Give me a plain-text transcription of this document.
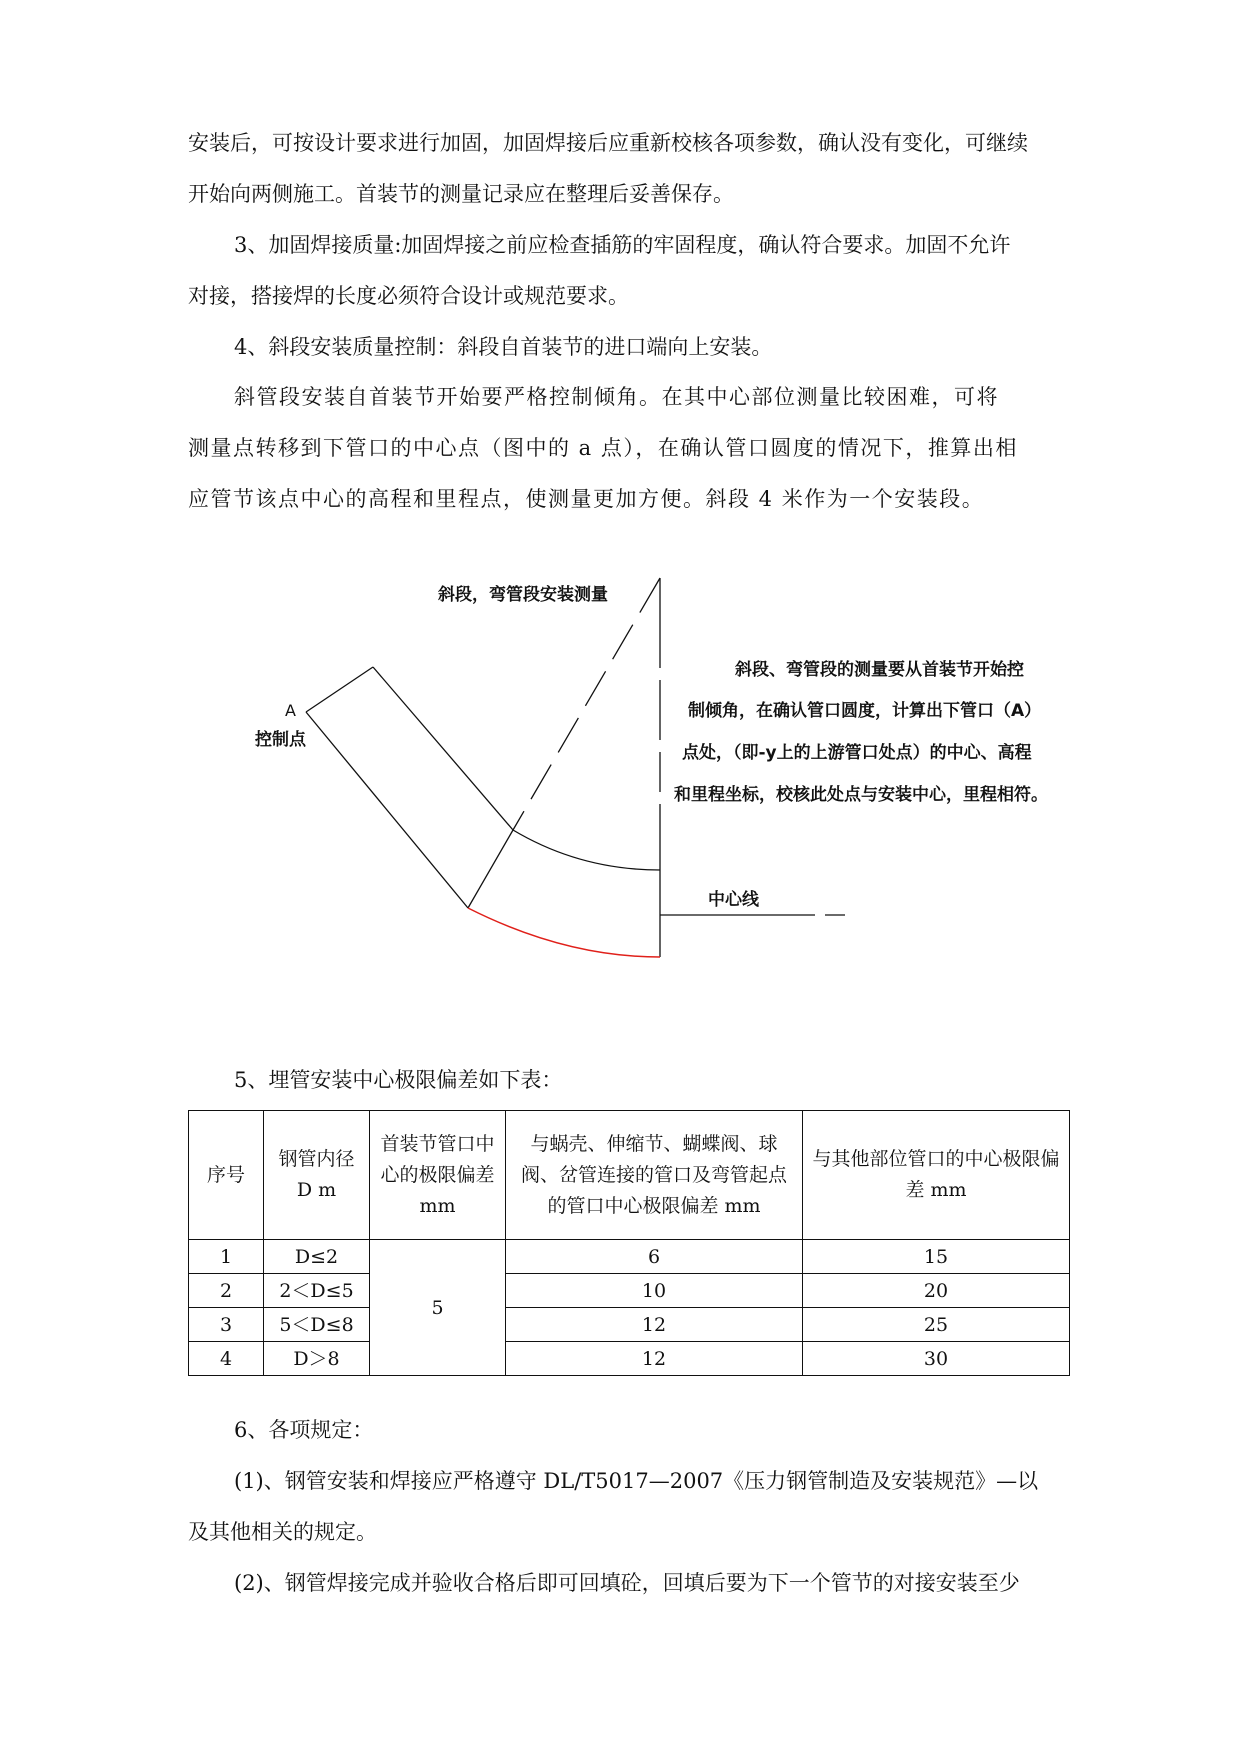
安装后，可按设计要求进行加固，加固焊接后应重新校核各项参数，确认没有变化，可继续
开始向两侧施工。首装节的测量记录应在整理后妥善保存。
3、加固焊接质量:加固焊接之前应检查插筋的牢固程度，确认符合要求。加固不允许
对接，搭接焊的长度必须符合设计或规范要求。
4、斜段安装质量控制：斜段自首装节的进口端向上安装。
斜管段安装自首装节开始要严格控制倾角。在其中心部位测量比较困难，可将
测量点转移到下管口的中心点（图中的 a 点），在确认管口圆度的情况下，推算出相
应管节该点中心的高程和里程点，使测量更加方便。斜段 4 米作为一个安装段。
斜段，弯管段安装测量
A
控制点
斜段、弯管段的测量要从首装节开始控
制倾角，在确认管口圆度，计算出下管口（A）
点处，（即-y上的上游管口处点）的中心、高程
和里程坐标，校核此处点与安装中心，里程相符。
中心线
5、埋管安装中心极限偏差如下表：
序号	钢管内径 D m	首装节管口中心的极限偏差 mm	与蜗壳、伸缩节、蝴蝶阀、球阀、岔管连接的管口及弯管起点的管口中心极限偏差 mm	与其他部位管口的中心极限偏差 mm
1	D≤2	5	6	15
2	2＜D≤5		10	20
3	5＜D≤8		12	25
4	D＞8		12	30
6、各项规定：
(1)、钢管安装和焊接应严格遵守 DL/T5017—2007《压力钢管制造及安装规范》—以
及其他相关的规定。
(2)、钢管焊接完成并验收合格后即可回填砼，回填后要为下一个管节的对接安装至少
